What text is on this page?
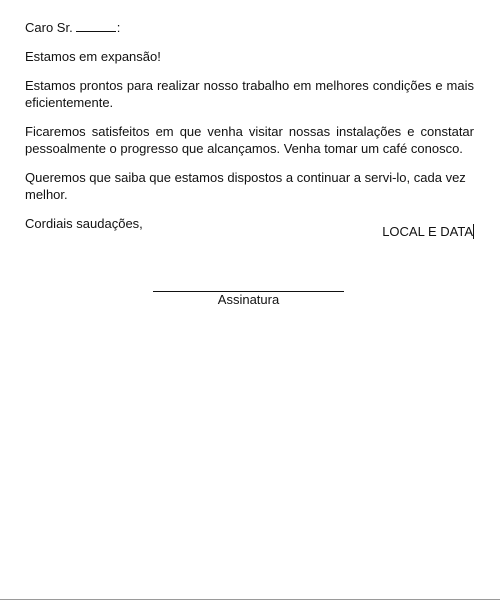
Caro Sr.	:

Estamos em expansão!

Estamos prontos para realizar nosso trabalho em melhores condições e mais eficientemente.

Ficaremos satisfeitos em que venha visitar nossas instalações e constatar pessoalmente o progresso que alcançamos. Venha tomar um café conosco.

Queremos que saiba que estamos dispostos a continuar a servi-lo, cada vez melhor.

Cordiais saudações,

LOCAL E DATA
Assinatura
